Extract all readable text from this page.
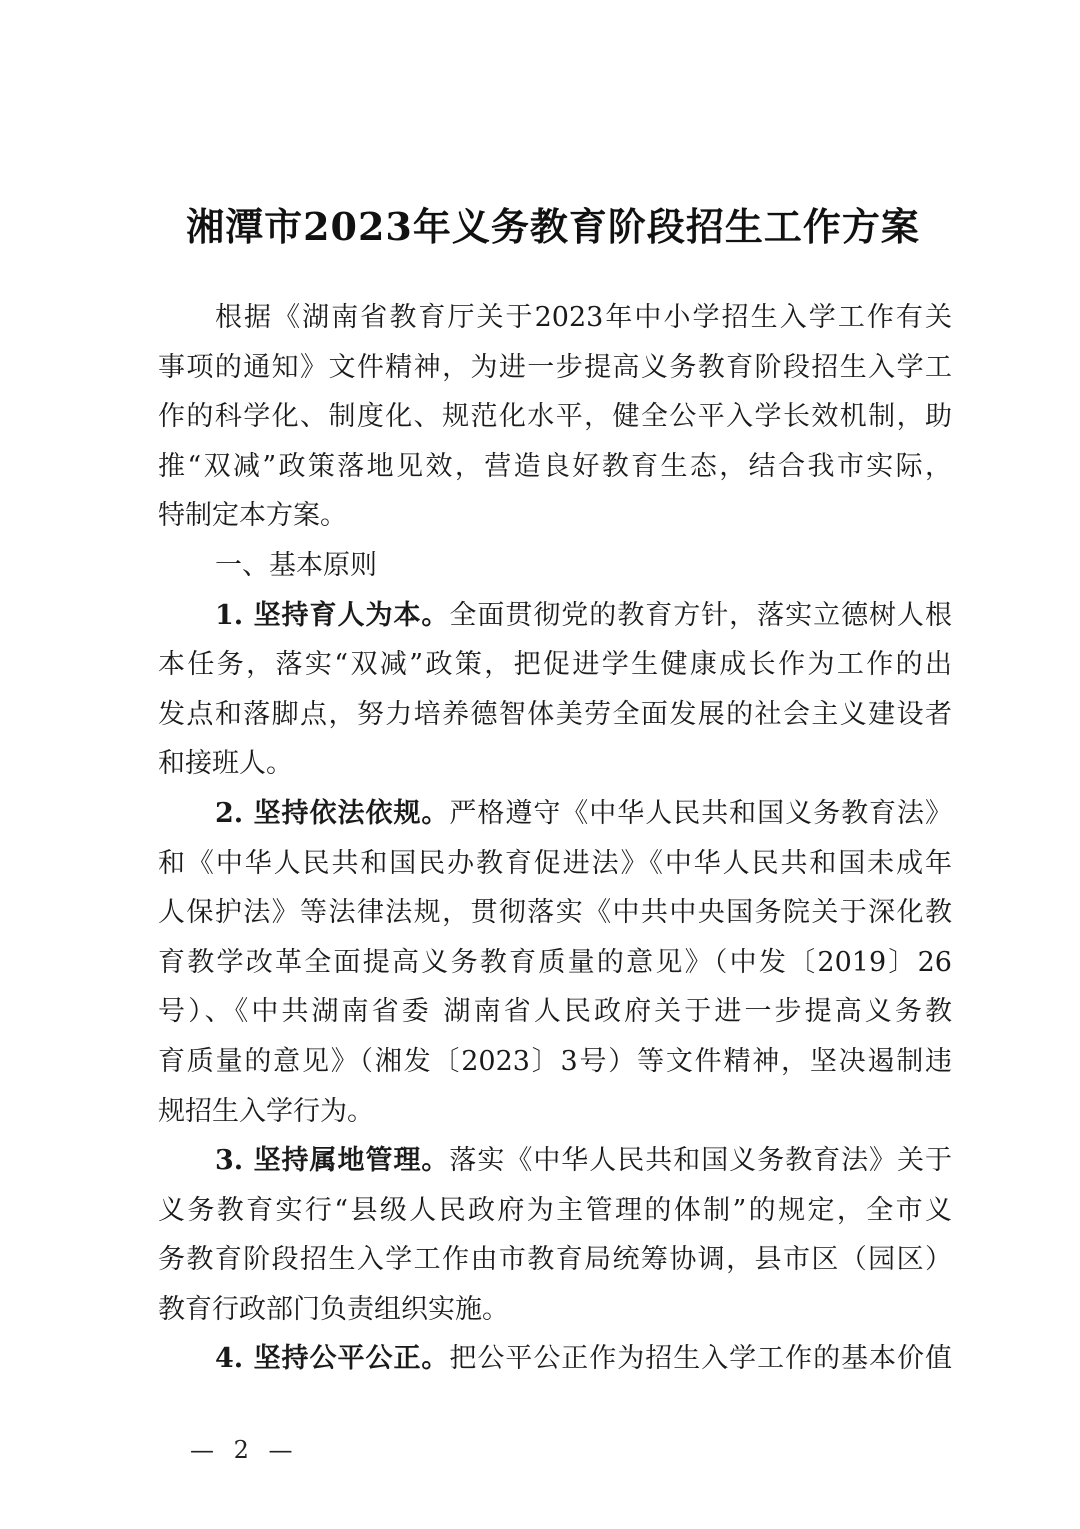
湘潭市2023年义务教育阶段招生工作方案
根据《湖南省教育厅关于2023年中小学招生入学工作有关
事项的通知》文件精神，为进一步提高义务教育阶段招生入学工
作的科学化、制度化、规范化水平，健全公平入学长效机制，助
推“双减”政策落地见效，营造良好教育生态，结合我市实际，
特制定本方案。
一、基本原则
1. 坚持育人为本。全面贯彻党的教育方针，落实立德树人根
本任务，落实“双减”政策，把促进学生健康成长作为工作的出
发点和落脚点，努力培养德智体美劳全面发展的社会主义建设者
和接班人。
2. 坚持依法依规。严格遵守《中华人民共和国义务教育法》
和《中华人民共和国民办教育促进法》《中华人民共和国未成年
人保护法》等法律法规，贯彻落实《中共中央国务院关于深化教
育教学改革全面提高义务教育质量的意见》（中发〔2019〕26
号）、《中共湖南省委 湖南省人民政府关于进一步提高义务教
育质量的意见》（湘发〔2023〕3号）等文件精神，坚决遏制违
规招生入学行为。
3. 坚持属地管理。落实《中华人民共和国义务教育法》关于
义务教育实行“县级人民政府为主管理的体制”的规定，全市义
务教育阶段招生入学工作由市教育局统筹协调，县市区（园区）
教育行政部门负责组织实施。
4. 坚持公平公正。把公平公正作为招生入学工作的基本价值
— 2 —
